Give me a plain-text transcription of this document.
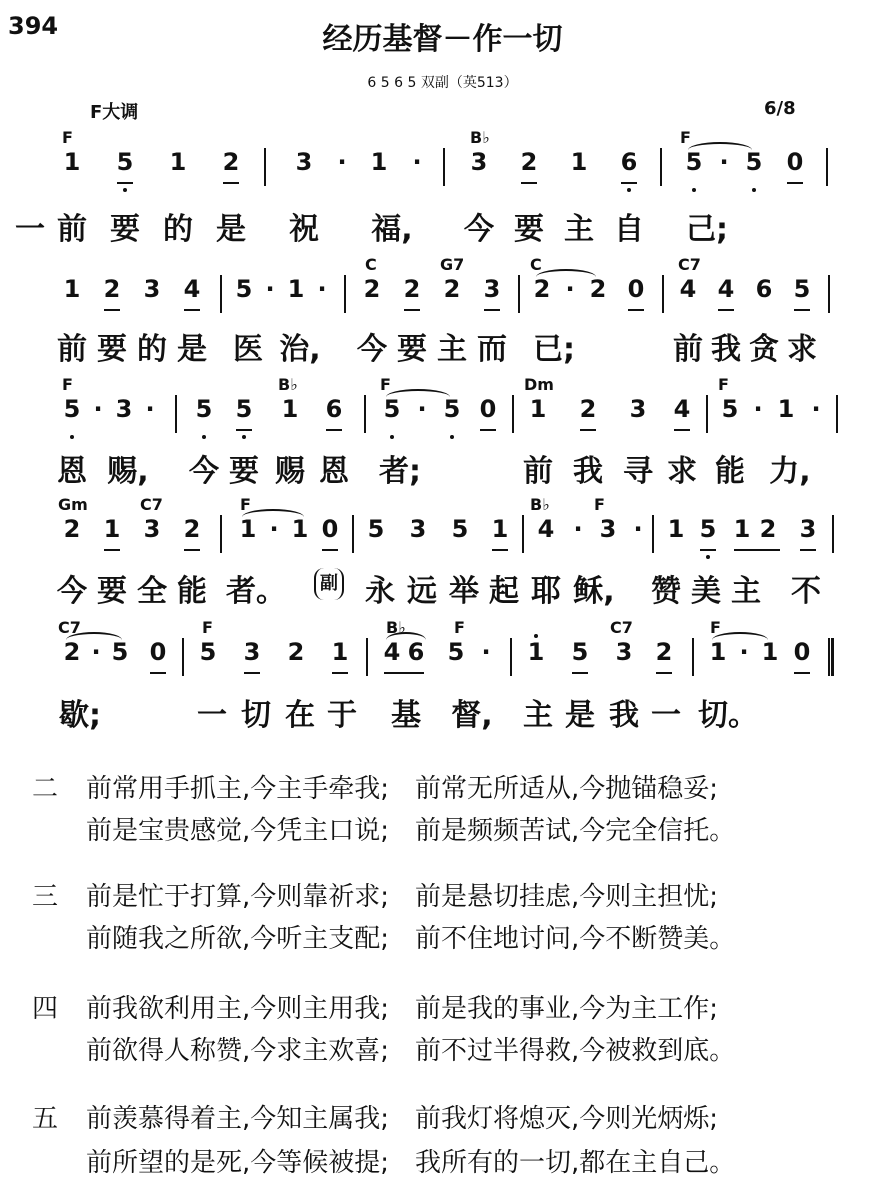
394	经历基督－作一切
6 5 6 5 双副（英513）
F大调	6/8
F	B♭	F
1 5 1 2 3	·	1	·	3 2 1 6 5 · 5 0
一 前 要 的 是 祝 福, 今 要 主 自 己;
C	G7	C	C7
1 2 3 4 5 · 1 ·	2 2 2 3 2 · 2 0 4 4 6 5
前 要 的 是 医 治, 今 要 主 而 已;	前 我 贪 求
F	B♭	F	Dm	F
5 · 3 ·	5 5 1 6 5 · 5 0 1 2 3 4 5 · 1 ·
恩 赐, 今 要 赐 恩 者;	前 我 寻 求 能 力,
Gm	C7	F	B♭	F
2 1 3 2 1 · 1 0 5 3 5 1 4 · 3 ·	1 5 1 2 3
今 要 全 能 者。	副 永 远 举 起 耶 稣, 赞 美 主 不
C7	F	B♭	F	C7	F
2 · 5 0 5 3 2 1 4 6 5 ·	1 5 3 2 1 · 1 0
歇;	一 切 在 于 基 督, 主 是 我 一 切。
二 前常用手抓主,今主手牵我;　前常无所适从,今抛锚稳妥;
前是宝贵感觉,今凭主口说;　前是频频苦试,今完全信托。
三 前是忙于打算,今则靠祈求;　前是悬切挂虑,今则主担忧;
前随我之所欲,今听主支配;　前不住地讨问,今不断赞美。
四 前我欲利用主,今则主用我;　前是我的事业,今为主工作;
前欲得人称赞,今求主欢喜;　前不过半得救,今被救到底。
五 前羡慕得着主,今知主属我;　前我灯将熄灭,今则光炳烁;
前所望的是死,今等候被提;　我所有的一切,都在主自己。
